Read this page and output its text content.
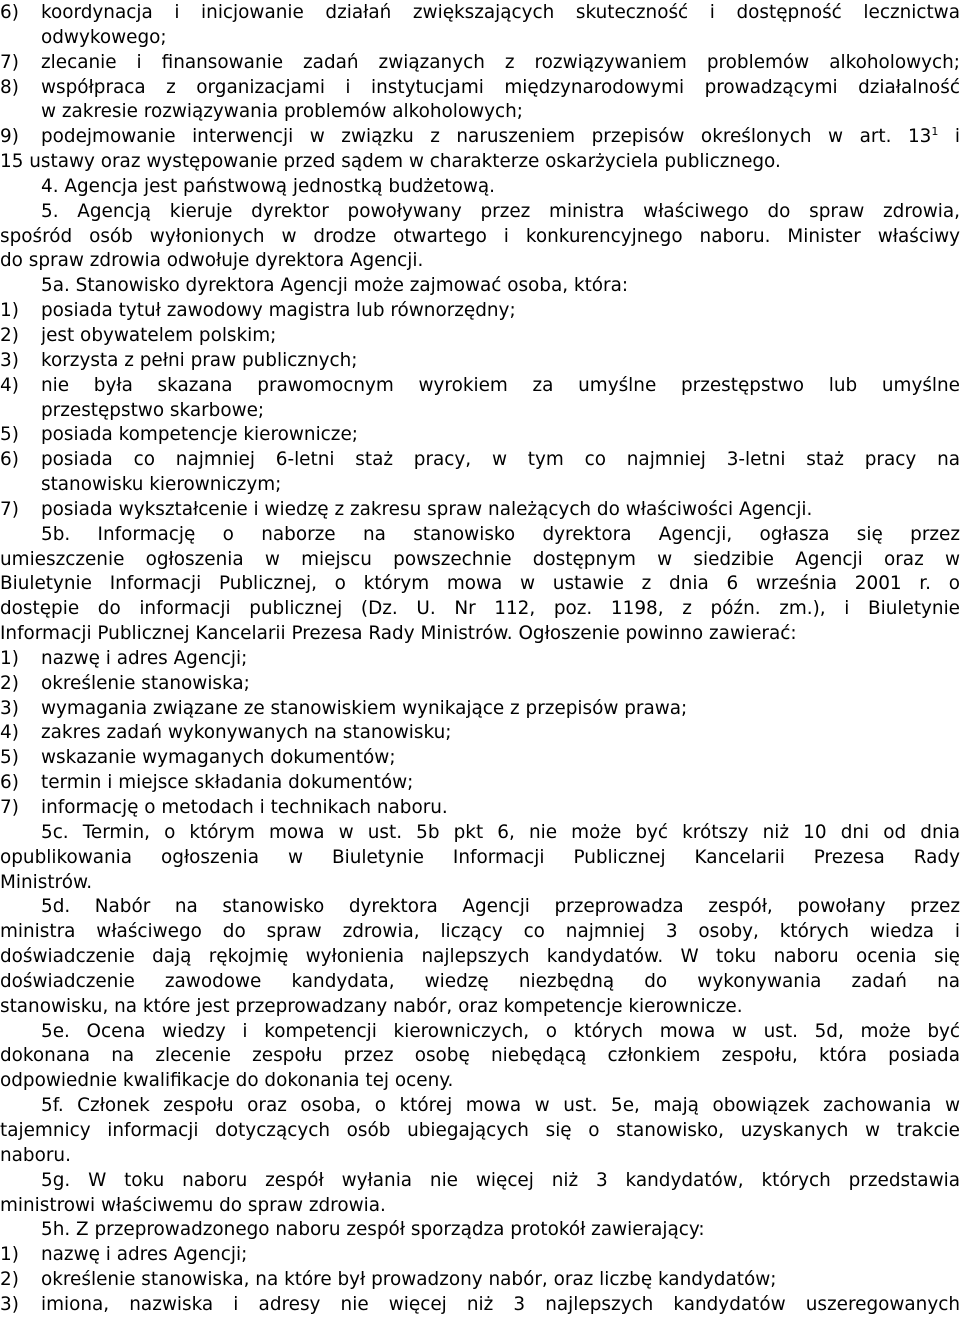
6)	koordynacja i inicjowanie działań zwiększających skuteczność i dostępność lecznictwa
odwykowego;
7)	zlecanie i finansowanie zadań związanych z rozwiązywaniem problemów alkoholowych;
8)	współpraca z organizacjami i instytucjami międzynarodowymi prowadzącymi działalność
w zakresie rozwiązywania problemów alkoholowych;
9)	podejmowanie interwencji w związku z naruszeniem przepisów określonych w art. $13^1$ i
15 ustawy oraz występowanie przed sądem w charakterze oskarżyciela publicznego.
4. Agencja jest państwową jednostką budżetową.
5. Agencją kieruje dyrektor powoływany przez ministra właściwego do spraw zdrowia,
spośród osób wyłonionych w drodze otwartego i konkurencyjnego naboru. Minister właściwy
do spraw zdrowia odwołuje dyrektora Agencji.
5a. Stanowisko dyrektora Agencji może zajmować osoba, która:
1)	posiada tytuł zawodowy magistra lub równorzędny;
2)	jest obywatelem polskim;
3)	korzysta z pełni praw publicznych;
4)	nie była skazana prawomocnym wyrokiem za umyślne przestępstwo lub umyślne
przestępstwo skarbowe;
5)	posiada kompetencje kierownicze;
6)	posiada co najmniej 6-letni staż pracy, w tym co najmniej 3-letni staż pracy na
stanowisku kierowniczym;
7)	posiada wykształcenie i wiedzę z zakresu spraw należących do właściwości Agencji.
5b. Informację o naborze na stanowisko dyrektora Agencji, ogłasza się przez
umieszczenie ogłoszenia w miejscu powszechnie dostępnym w siedzibie Agencji oraz w
Biuletynie Informacji Publicznej, o którym mowa w ustawie z dnia 6 września 2001 r. o
dostępie do informacji publicznej (Dz. U. Nr 112, poz. 1198, z późn. zm.), i Biuletynie
Informacji Publicznej Kancelarii Prezesa Rady Ministrów. Ogłoszenie powinno zawierać:
1)	nazwę i adres Agencji;
2)	określenie stanowiska;
3)	wymagania związane ze stanowiskiem wynikające z przepisów prawa;
4)	zakres zadań wykonywanych na stanowisku;
5)	wskazanie wymaganych dokumentów;
6)	termin i miejsce składania dokumentów;
7)	informację o metodach i technikach naboru.
5c. Termin, o którym mowa w ust. 5b pkt 6, nie może być krótszy niż 10 dni od dnia
opublikowania ogłoszenia w Biuletynie Informacji Publicznej Kancelarii Prezesa Rady
Ministrów.
5d. Nabór na stanowisko dyrektora Agencji przeprowadza zespół, powołany przez
ministra właściwego do spraw zdrowia, liczący co najmniej 3 osoby, których wiedza i
doświadczenie dają rękojmię wyłonienia najlepszych kandydatów. W toku naboru ocenia się
doświadczenie zawodowe kandydata, wiedzę niezbędną do wykonywania zadań na
stanowisku, na które jest przeprowadzany nabór, oraz kompetencje kierownicze.
5e. Ocena wiedzy i kompetencji kierowniczych, o których mowa w ust. 5d, może być
dokonana na zlecenie zespołu przez osobę niebędącą członkiem zespołu, która posiada
odpowiednie kwalifikacje do dokonania tej oceny.
5f. Członek zespołu oraz osoba, o której mowa w ust. 5e, mają obowiązek zachowania w
tajemnicy informacji dotyczących osób ubiegających się o stanowisko, uzyskanych w trakcie
naboru.
5g. W toku naboru zespół wyłania nie więcej niż 3 kandydatów, których przedstawia
ministrowi właściwemu do spraw zdrowia.
5h. Z przeprowadzonego naboru zespół sporządza protokół zawierający:
1)	nazwę i adres Agencji;
2)	określenie stanowiska, na które był prowadzony nabór, oraz liczbę kandydatów;
3)	imiona, nazwiska i adresy nie więcej niż 3 najlepszych kandydatów uszeregowanych
